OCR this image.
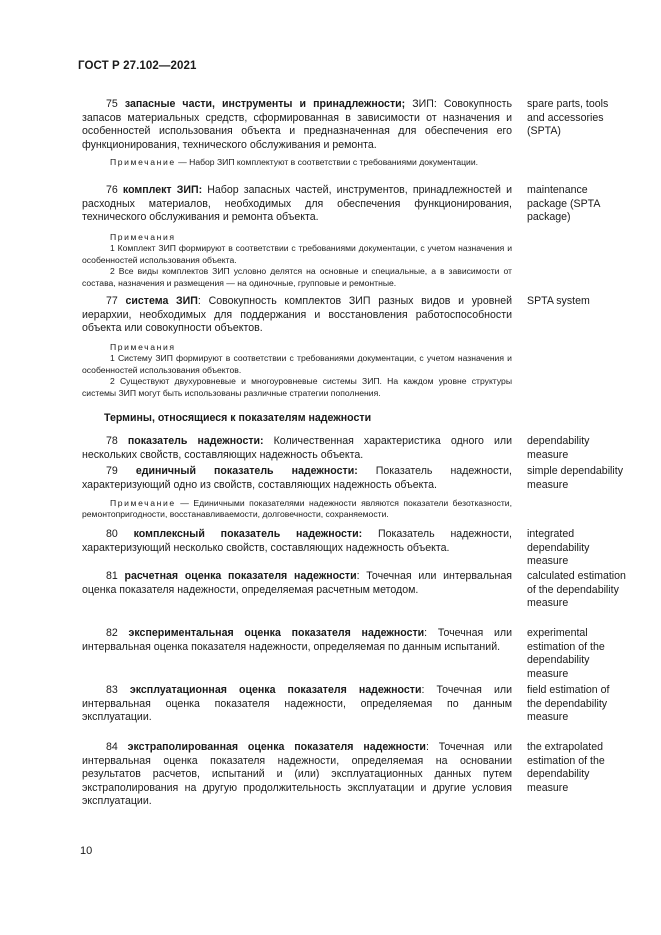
ГОСТ Р 27.102—2021

75 запасные части, инструменты и принадлежности; ЗИП: Совокупность запасов материальных средств, сформированная в зависимости от назначения и особенностей использования объекта и предназначенная для обеспечения его функционирования, технического обслуживания и ремонта.

spare parts, tools and accessories (SPTA)

Примечание — Набор ЗИП комплектуют в соответствии с требованиями документации.

76 комплект ЗИП: Набор запасных частей, инструментов, принадлежностей и расходных материалов, необходимых для обеспечения функционирования, технического обслуживания и ремонта объекта.

maintenance package (SPTA package)

Примечания

1 Комплект ЗИП формируют в соответствии с требованиями документации, с учетом назначения и особенностей использования объекта.

2 Все виды комплектов ЗИП условно делятся на основные и специальные, а в зависимости от состава, назначения и размещения — на одиночные, групповые и ремонтные.

77 система ЗИП: Совокупность комплектов ЗИП разных видов и уровней иерархии, необходимых для поддержания и восстановления работоспособности объекта или совокупности объектов.

SPTA system

Примечания

1 Систему ЗИП формируют в соответствии с требованиями документации, с учетом назначения и особенностей использования объектов.

2 Существуют двухуровневые и многоуровневые системы ЗИП. На каждом уровне структуры системы ЗИП могут быть использованы различные стратегии пополнения.

Термины, относящиеся к показателям надежности

78 показатель надежности: Количественная характеристика одного или нескольких свойств, составляющих надежность объекта.

dependability measure

79 единичный показатель надежности: Показатель надежности, характеризующий одно из свойств, составляющих надежность объекта.

simple dependability measure

Примечание — Единичными показателями надежности являются показатели безотказности, ремонтопригодности, восстанавливаемости, долговечности, сохраняемости.

80 комплексный показатель надежности: Показатель надежности, характеризующий несколько свойств, составляющих надежность объекта.

integrated dependability measure

81 расчетная оценка показателя надежности: Точечная или интервальная оценка показателя надежности, определяемая расчетным методом.

calculated estimation of the dependability measure

82 экспериментальная оценка показателя надежности: Точечная или интервальная оценка показателя надежности, определяемая по данным испытаний.

experimental estimation of the dependability measure

83 эксплуатационная оценка показателя надежности: Точечная или интервальная оценка показателя надежности, определяемая по данным эксплуатации.

field estimation of the dependability measure

84 экстраполированная оценка показателя надежности: Точечная или интервальная оценка показателя надежности, определяемая на основании результатов расчетов, испытаний и (или) эксплуатационных данных путем экстраполирования на другую продолжительность эксплуатации и другие условия эксплуатации.

the extrapolated estimation of the dependability measure
10
